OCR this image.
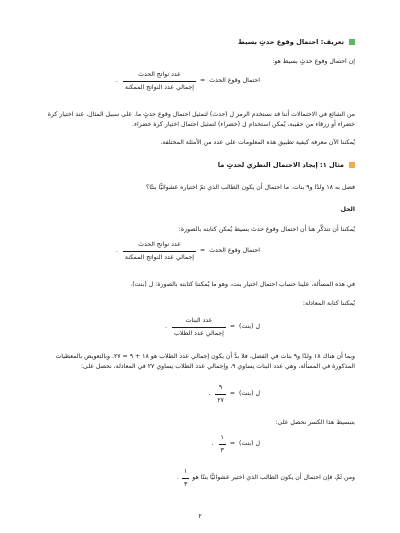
تعريف: احتمال وقوع حدثٍ بسيط

إن احتمال وقوع حدثٍ بسيط هو:

احتمال وقوع الحدث
=
$\frac{\text{عدد نواتج الحدث}}{\text{إجمالي عدد النواتج الممكنة}}$
.

من الشائع في الاحتمالات أننا قد نستخدم الرمز ل (حدث) لتمثيل احتمال وقوع حدثٍ ما. على سبيل المثال، عند اختيار كرة خضراء أو زرقاء من حقيبة، يُمكن استخدام ل (خضراء) لتمثيل احتمال اختيار كرة خضراء.

يُمكننا الآن معرفة كيفية تطبيق هذه المعلومات على عدد من الأمثلة المختلفة.

مثال ١: إيجاد الاحتمال النظري لحدثٍ ما

فصل به ١٨ ولدًا و٩ بنات. ما احتمال أن يكون الطالب الذي تمّ اختياره عشوائيًّا بنتًا؟

الحل

يُمكننا أن نتذكَّر هنا أن احتمال وقوع حدث بسيط يُمكن كتابته بالصورة:

احتمال وقوع الحدث
=
$\frac{\text{عدد نواتج الحدث}}{\text{إجمالي عدد النواتج الممكنة}}$
.

في هذه المسألة، علينا حساب احتمال اختيار بنت، وهو ما يُمكننا كتابته بالصورة: ل (بنت).

يُمكننا كتابة المعادلة:

ل (بنت)
=
$\frac{\text{عدد البنات}}{\text{إجمالي عدد الطلاب}}$
.

وبما أن هناك ١٨ ولدًا و٩ بنات في الفصل، فلا بدَّ أن يكون إجمالي عدد الطلاب هو ١٨ + ٩ = ٢٧. وبالتعويض بالمعطيات المذكورة في المسألة، وهي عدد البنات يساوي ٩، وإجمالي عدد الطلاب يساوي ٢٧ في المعادلة، نحصل على:

ل (بنت)
=
$\frac{٩}{٢٧}$
.

بتبسيط هذا الكسر نحصل على:

ل (بنت)
=
$\frac{١}{٣}$
.
ومن ثَمَّ، فإن احتمال أن يكون الطالب الذي اختير عشوائيًّا بنتًا هو
$\frac{١}{٣}$
.
٢
